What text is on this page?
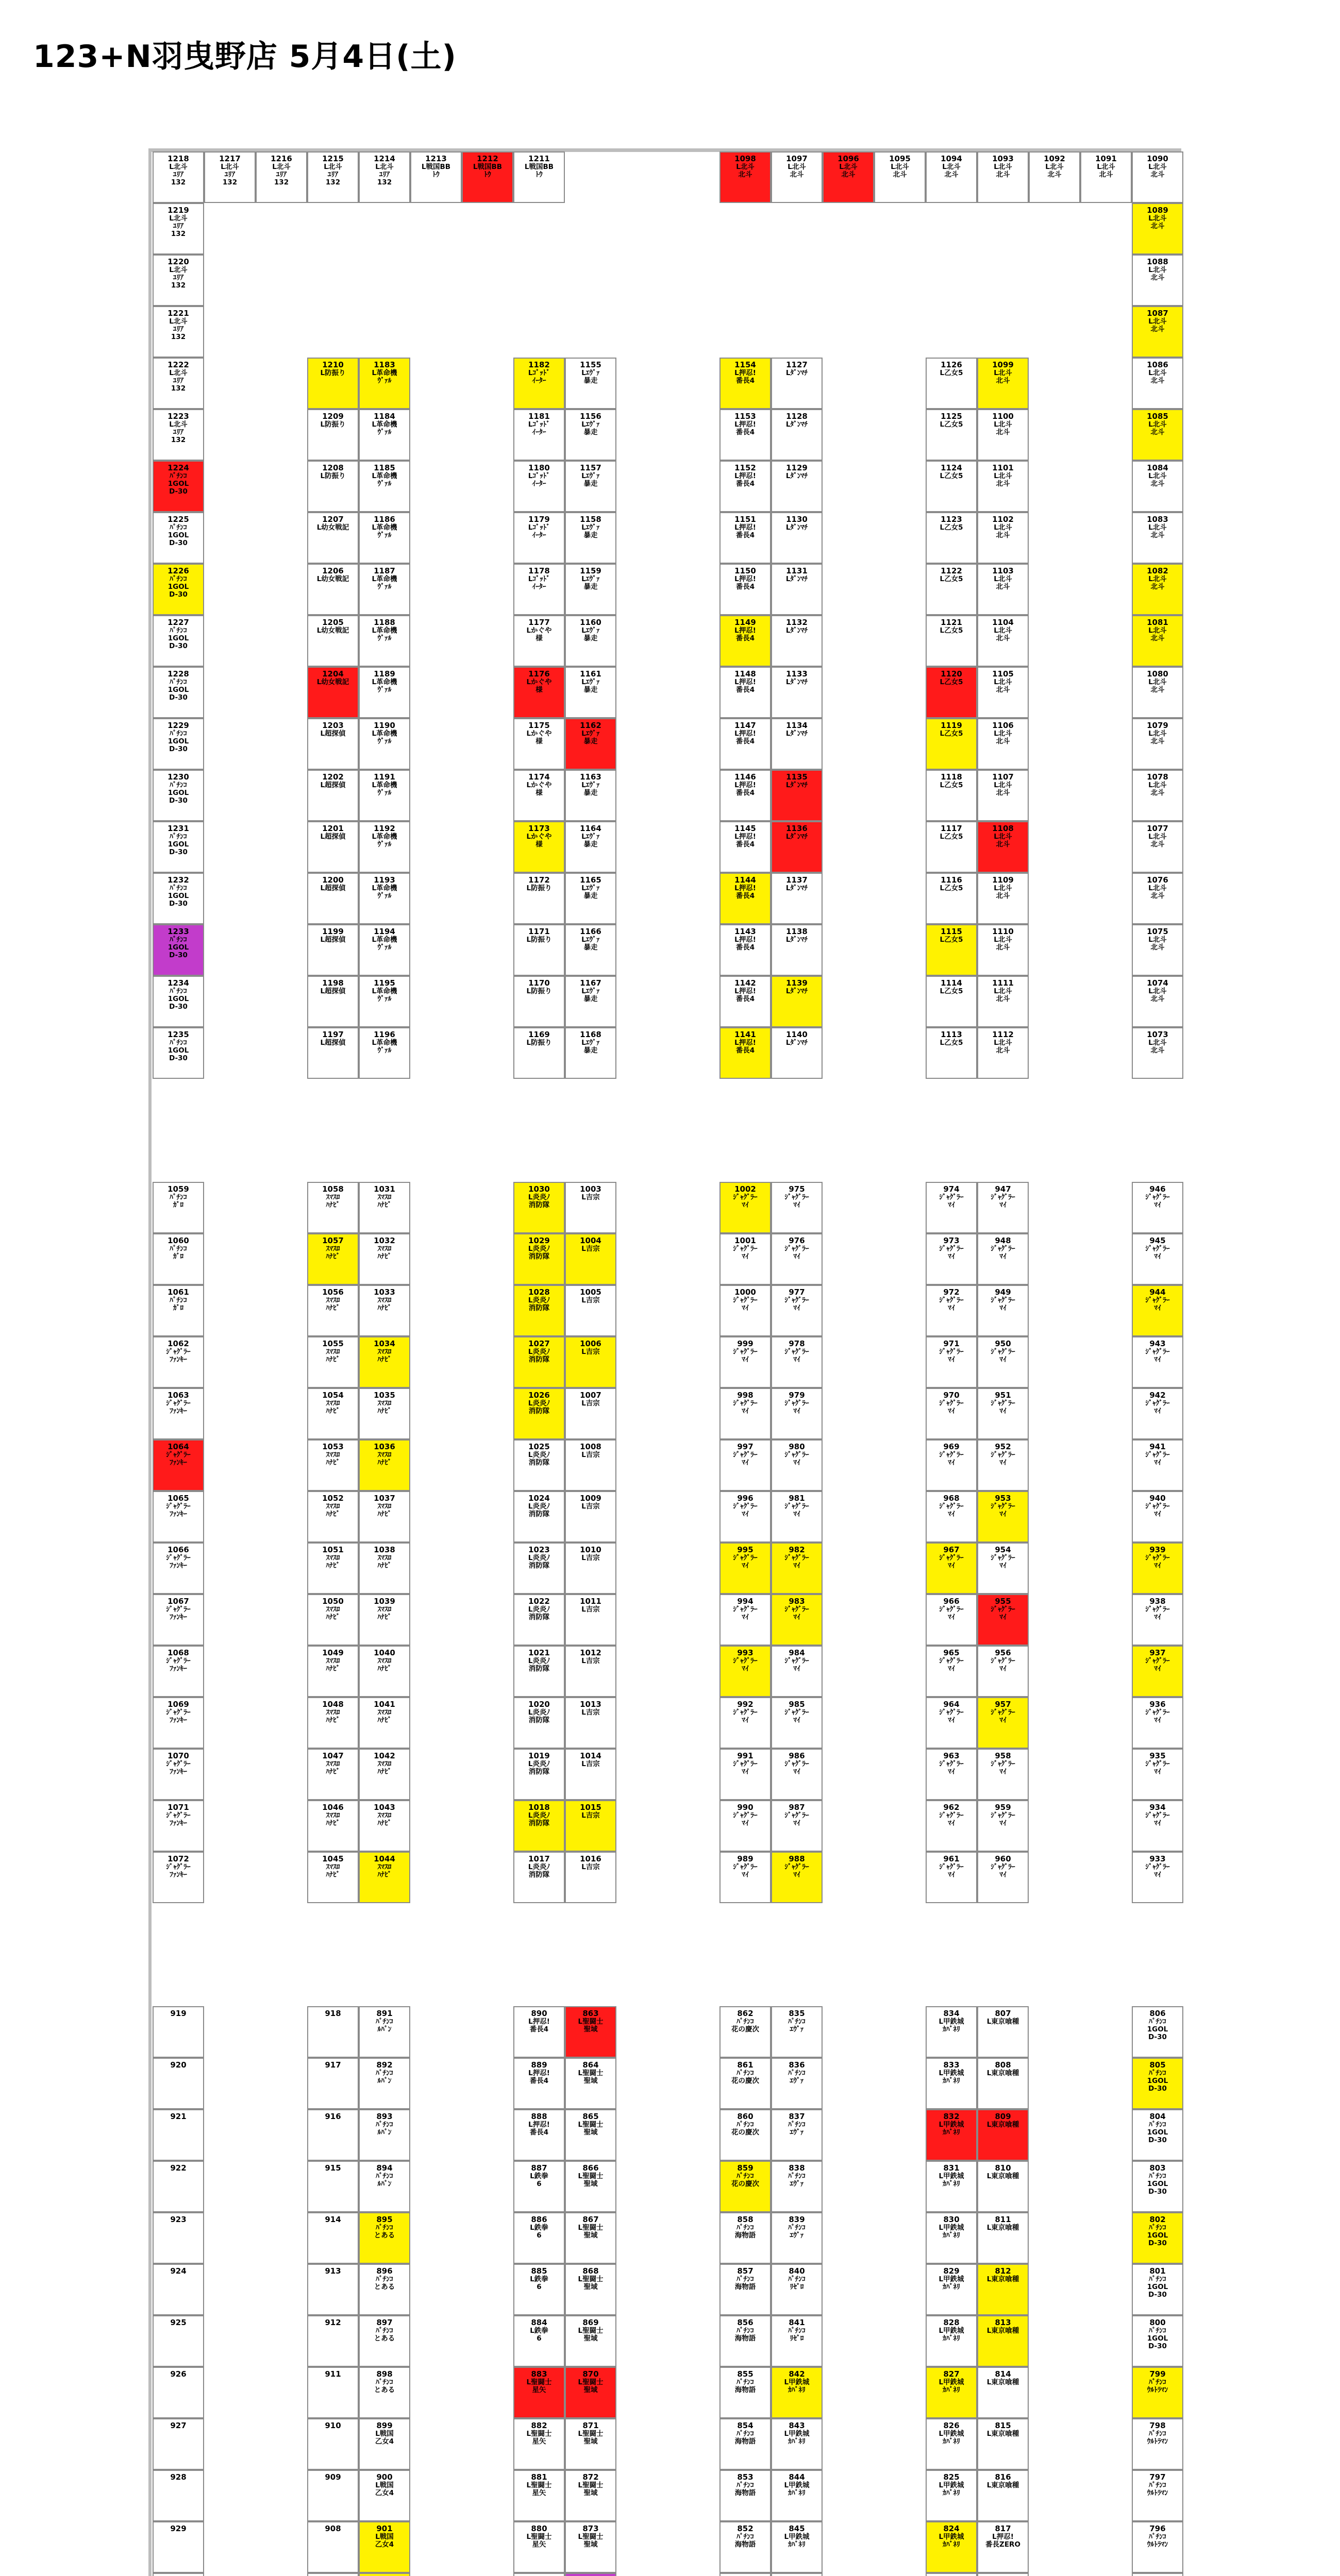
123+N羽曳野店 5月4日(土)
1218
L北斗
ﾕﾘｱ
132
1219
L北斗
ﾕﾘｱ
132
1220
L北斗
ﾕﾘｱ
132
1221
L北斗
ﾕﾘｱ
132
1222
L北斗
ﾕﾘｱ
132
1223
L北斗
ﾕﾘｱ
132
1224
ﾊﾟﾁﾝｺ
1GOL
D-30
1225
ﾊﾟﾁﾝｺ
1GOL
D-30
1226
ﾊﾟﾁﾝｺ
1GOL
D-30
1227
ﾊﾟﾁﾝｺ
1GOL
D-30
1228
ﾊﾟﾁﾝｺ
1GOL
D-30
1229
ﾊﾟﾁﾝｺ
1GOL
D-30
1230
ﾊﾟﾁﾝｺ
1GOL
D-30
1231
ﾊﾟﾁﾝｺ
1GOL
D-30
1232
ﾊﾟﾁﾝｺ
1GOL
D-30
1233
ﾊﾟﾁﾝｺ
1GOL
D-30
1234
ﾊﾟﾁﾝｺ
1GOL
D-30
1235
ﾊﾟﾁﾝｺ
1GOL
D-30
1059
ﾊﾟﾁﾝｺ
ｶﾞﾛ
1060
ﾊﾟﾁﾝｺ
ｶﾞﾛ
1061
ﾊﾟﾁﾝｺ
ｶﾞﾛ
1062
ｼﾞｬｸﾞﾗｰ
ﾌｧﾝｷｰ
1063
ｼﾞｬｸﾞﾗｰ
ﾌｧﾝｷｰ
1064
ｼﾞｬｸﾞﾗｰ
ﾌｧﾝｷｰ
1065
ｼﾞｬｸﾞﾗｰ
ﾌｧﾝｷｰ
1066
ｼﾞｬｸﾞﾗｰ
ﾌｧﾝｷｰ
1067
ｼﾞｬｸﾞﾗｰ
ﾌｧﾝｷｰ
1068
ｼﾞｬｸﾞﾗｰ
ﾌｧﾝｷｰ
1069
ｼﾞｬｸﾞﾗｰ
ﾌｧﾝｷｰ
1070
ｼﾞｬｸﾞﾗｰ
ﾌｧﾝｷｰ
1071
ｼﾞｬｸﾞﾗｰ
ﾌｧﾝｷｰ
1072
ｼﾞｬｸﾞﾗｰ
ﾌｧﾝｷｰ
919
920
921
922
923
924
925
926
927
928
929
1217
L北斗
ﾕﾘｱ
132
1216
L北斗
ﾕﾘｱ
132
1215
L北斗
ﾕﾘｱ
132
1210
L防振り
1209
L防振り
1208
L防振り
1207
L幼女戦記
1206
L幼女戦記
1205
L幼女戦記
1204
L幼女戦記
1203
L超探偵
1202
L超探偵
1201
L超探偵
1200
L超探偵
1199
L超探偵
1198
L超探偵
1197
L超探偵
1058
ｽﾏｽﾛ
ﾊﾅﾋﾞ
1057
ｽﾏｽﾛ
ﾊﾅﾋﾞ
1056
ｽﾏｽﾛ
ﾊﾅﾋﾞ
1055
ｽﾏｽﾛ
ﾊﾅﾋﾞ
1054
ｽﾏｽﾛ
ﾊﾅﾋﾞ
1053
ｽﾏｽﾛ
ﾊﾅﾋﾞ
1052
ｽﾏｽﾛ
ﾊﾅﾋﾞ
1051
ｽﾏｽﾛ
ﾊﾅﾋﾞ
1050
ｽﾏｽﾛ
ﾊﾅﾋﾞ
1049
ｽﾏｽﾛ
ﾊﾅﾋﾞ
1048
ｽﾏｽﾛ
ﾊﾅﾋﾞ
1047
ｽﾏｽﾛ
ﾊﾅﾋﾞ
1046
ｽﾏｽﾛ
ﾊﾅﾋﾞ
1045
ｽﾏｽﾛ
ﾊﾅﾋﾞ
918
917
916
915
914
913
912
911
910
909
908
1214
L北斗
ﾕﾘｱ
132
1183
L革命機
ｳﾞｧﾙ
1184
L革命機
ｳﾞｧﾙ
1185
L革命機
ｳﾞｧﾙ
1186
L革命機
ｳﾞｧﾙ
1187
L革命機
ｳﾞｧﾙ
1188
L革命機
ｳﾞｧﾙ
1189
L革命機
ｳﾞｧﾙ
1190
L革命機
ｳﾞｧﾙ
1191
L革命機
ｳﾞｧﾙ
1192
L革命機
ｳﾞｧﾙ
1193
L革命機
ｳﾞｧﾙ
1194
L革命機
ｳﾞｧﾙ
1195
L革命機
ｳﾞｧﾙ
1196
L革命機
ｳﾞｧﾙ
1031
ｽﾏｽﾛ
ﾊﾅﾋﾞ
1032
ｽﾏｽﾛ
ﾊﾅﾋﾞ
1033
ｽﾏｽﾛ
ﾊﾅﾋﾞ
1034
ｽﾏｽﾛ
ﾊﾅﾋﾞ
1035
ｽﾏｽﾛ
ﾊﾅﾋﾞ
1036
ｽﾏｽﾛ
ﾊﾅﾋﾞ
1037
ｽﾏｽﾛ
ﾊﾅﾋﾞ
1038
ｽﾏｽﾛ
ﾊﾅﾋﾞ
1039
ｽﾏｽﾛ
ﾊﾅﾋﾞ
1040
ｽﾏｽﾛ
ﾊﾅﾋﾞ
1041
ｽﾏｽﾛ
ﾊﾅﾋﾞ
1042
ｽﾏｽﾛ
ﾊﾅﾋﾞ
1043
ｽﾏｽﾛ
ﾊﾅﾋﾞ
1044
ｽﾏｽﾛ
ﾊﾅﾋﾞ
891
ﾊﾟﾁﾝｺ
ﾙﾊﾟﾝ
892
ﾊﾟﾁﾝｺ
ﾙﾊﾟﾝ
893
ﾊﾟﾁﾝｺ
ﾙﾊﾟﾝ
894
ﾊﾟﾁﾝｺ
ﾙﾊﾟﾝ
895
ﾊﾟﾁﾝｺ
とある
896
ﾊﾟﾁﾝｺ
とある
897
ﾊﾟﾁﾝｺ
とある
898
ﾊﾟﾁﾝｺ
とある
899
L戦国
乙女4
900
L戦国
乙女4
901
L戦国
乙女4
1213
L戦国BB
ﾄｳ
1212
L戦国BB
ﾄｳ
1211
L戦国BB
ﾄｳ
1182
Lｺﾞｯﾄﾞ
ｲｰﾀｰ
1181
Lｺﾞｯﾄﾞ
ｲｰﾀｰ
1180
Lｺﾞｯﾄﾞ
ｲｰﾀｰ
1179
Lｺﾞｯﾄﾞ
ｲｰﾀｰ
1178
Lｺﾞｯﾄﾞ
ｲｰﾀｰ
1177
Lかぐや
様
1176
Lかぐや
様
1175
Lかぐや
様
1174
Lかぐや
様
1173
Lかぐや
様
1172
L防振り
1171
L防振り
1170
L防振り
1169
L防振り
1030
L炎炎ﾉ
消防隊
1029
L炎炎ﾉ
消防隊
1028
L炎炎ﾉ
消防隊
1027
L炎炎ﾉ
消防隊
1026
L炎炎ﾉ
消防隊
1025
L炎炎ﾉ
消防隊
1024
L炎炎ﾉ
消防隊
1023
L炎炎ﾉ
消防隊
1022
L炎炎ﾉ
消防隊
1021
L炎炎ﾉ
消防隊
1020
L炎炎ﾉ
消防隊
1019
L炎炎ﾉ
消防隊
1018
L炎炎ﾉ
消防隊
1017
L炎炎ﾉ
消防隊
890
L押忍!
番長4
889
L押忍!
番長4
888
L押忍!
番長4
887
L鉄拳
6
886
L鉄拳
6
885
L鉄拳
6
884
L鉄拳
6
883
L聖闘士
星矢
882
L聖闘士
星矢
881
L聖闘士
星矢
880
L聖闘士
星矢
1155
Lｴｳﾞｧ
暴走
1156
Lｴｳﾞｧ
暴走
1157
Lｴｳﾞｧ
暴走
1158
Lｴｳﾞｧ
暴走
1159
Lｴｳﾞｧ
暴走
1160
Lｴｳﾞｧ
暴走
1161
Lｴｳﾞｧ
暴走
1162
Lｴｳﾞｧ
暴走
1163
Lｴｳﾞｧ
暴走
1164
Lｴｳﾞｧ
暴走
1165
Lｴｳﾞｧ
暴走
1166
Lｴｳﾞｧ
暴走
1167
Lｴｳﾞｧ
暴走
1168
Lｴｳﾞｧ
暴走
1003
L吉宗
1004
L吉宗
1005
L吉宗
1006
L吉宗
1007
L吉宗
1008
L吉宗
1009
L吉宗
1010
L吉宗
1011
L吉宗
1012
L吉宗
1013
L吉宗
1014
L吉宗
1015
L吉宗
1016
L吉宗
863
L聖闘士
聖域
864
L聖闘士
聖域
865
L聖闘士
聖域
866
L聖闘士
聖域
867
L聖闘士
聖域
868
L聖闘士
聖域
869
L聖闘士
聖域
870
L聖闘士
聖域
871
L聖闘士
聖域
872
L聖闘士
聖域
873
L聖闘士
聖域
1098
L北斗
北斗
1154
L押忍!
番長4
1153
L押忍!
番長4
1152
L押忍!
番長4
1151
L押忍!
番長4
1150
L押忍!
番長4
1149
L押忍!
番長4
1148
L押忍!
番長4
1147
L押忍!
番長4
1146
L押忍!
番長4
1145
L押忍!
番長4
1144
L押忍!
番長4
1143
L押忍!
番長4
1142
L押忍!
番長4
1141
L押忍!
番長4
1002
ｼﾞｬｸﾞﾗｰ
ﾏｲ
1001
ｼﾞｬｸﾞﾗｰ
ﾏｲ
1000
ｼﾞｬｸﾞﾗｰ
ﾏｲ
999
ｼﾞｬｸﾞﾗｰ
ﾏｲ
998
ｼﾞｬｸﾞﾗｰ
ﾏｲ
997
ｼﾞｬｸﾞﾗｰ
ﾏｲ
996
ｼﾞｬｸﾞﾗｰ
ﾏｲ
995
ｼﾞｬｸﾞﾗｰ
ﾏｲ
994
ｼﾞｬｸﾞﾗｰ
ﾏｲ
993
ｼﾞｬｸﾞﾗｰ
ﾏｲ
992
ｼﾞｬｸﾞﾗｰ
ﾏｲ
991
ｼﾞｬｸﾞﾗｰ
ﾏｲ
990
ｼﾞｬｸﾞﾗｰ
ﾏｲ
989
ｼﾞｬｸﾞﾗｰ
ﾏｲ
862
ﾊﾟﾁﾝｺ
花の慶次
861
ﾊﾟﾁﾝｺ
花の慶次
860
ﾊﾟﾁﾝｺ
花の慶次
859
ﾊﾟﾁﾝｺ
花の慶次
858
ﾊﾟﾁﾝｺ
海物語
857
ﾊﾟﾁﾝｺ
海物語
856
ﾊﾟﾁﾝｺ
海物語
855
ﾊﾟﾁﾝｺ
海物語
854
ﾊﾟﾁﾝｺ
海物語
853
ﾊﾟﾁﾝｺ
海物語
852
ﾊﾟﾁﾝｺ
海物語
1097
L北斗
北斗
1127
Lﾀﾞﾝﾏﾁ
1128
Lﾀﾞﾝﾏﾁ
1129
Lﾀﾞﾝﾏﾁ
1130
Lﾀﾞﾝﾏﾁ
1131
Lﾀﾞﾝﾏﾁ
1132
Lﾀﾞﾝﾏﾁ
1133
Lﾀﾞﾝﾏﾁ
1134
Lﾀﾞﾝﾏﾁ
1135
Lﾀﾞﾝﾏﾁ
1136
Lﾀﾞﾝﾏﾁ
1137
Lﾀﾞﾝﾏﾁ
1138
Lﾀﾞﾝﾏﾁ
1139
Lﾀﾞﾝﾏﾁ
1140
Lﾀﾞﾝﾏﾁ
975
ｼﾞｬｸﾞﾗｰ
ﾏｲ
976
ｼﾞｬｸﾞﾗｰ
ﾏｲ
977
ｼﾞｬｸﾞﾗｰ
ﾏｲ
978
ｼﾞｬｸﾞﾗｰ
ﾏｲ
979
ｼﾞｬｸﾞﾗｰ
ﾏｲ
980
ｼﾞｬｸﾞﾗｰ
ﾏｲ
981
ｼﾞｬｸﾞﾗｰ
ﾏｲ
982
ｼﾞｬｸﾞﾗｰ
ﾏｲ
983
ｼﾞｬｸﾞﾗｰ
ﾏｲ
984
ｼﾞｬｸﾞﾗｰ
ﾏｲ
985
ｼﾞｬｸﾞﾗｰ
ﾏｲ
986
ｼﾞｬｸﾞﾗｰ
ﾏｲ
987
ｼﾞｬｸﾞﾗｰ
ﾏｲ
988
ｼﾞｬｸﾞﾗｰ
ﾏｲ
835
ﾊﾟﾁﾝｺ
ｴｳﾞｧ
836
ﾊﾟﾁﾝｺ
ｴｳﾞｧ
837
ﾊﾟﾁﾝｺ
ｴｳﾞｧ
838
ﾊﾟﾁﾝｺ
ｴｳﾞｧ
839
ﾊﾟﾁﾝｺ
ｴｳﾞｧ
840
ﾊﾟﾁﾝｺ
ﾘｾﾞﾛ
841
ﾊﾟﾁﾝｺ
ﾘｾﾞﾛ
842
L甲鉄城
ｶﾊﾞﾈﾘ
843
L甲鉄城
ｶﾊﾞﾈﾘ
844
L甲鉄城
ｶﾊﾞﾈﾘ
845
L甲鉄城
ｶﾊﾞﾈﾘ
1096
L北斗
北斗
1095
L北斗
北斗
1094
L北斗
北斗
1126
L乙女5
1125
L乙女5
1124
L乙女5
1123
L乙女5
1122
L乙女5
1121
L乙女5
1120
L乙女5
1119
L乙女5
1118
L乙女5
1117
L乙女5
1116
L乙女5
1115
L乙女5
1114
L乙女5
1113
L乙女5
974
ｼﾞｬｸﾞﾗｰ
ﾏｲ
973
ｼﾞｬｸﾞﾗｰ
ﾏｲ
972
ｼﾞｬｸﾞﾗｰ
ﾏｲ
971
ｼﾞｬｸﾞﾗｰ
ﾏｲ
970
ｼﾞｬｸﾞﾗｰ
ﾏｲ
969
ｼﾞｬｸﾞﾗｰ
ﾏｲ
968
ｼﾞｬｸﾞﾗｰ
ﾏｲ
967
ｼﾞｬｸﾞﾗｰ
ﾏｲ
966
ｼﾞｬｸﾞﾗｰ
ﾏｲ
965
ｼﾞｬｸﾞﾗｰ
ﾏｲ
964
ｼﾞｬｸﾞﾗｰ
ﾏｲ
963
ｼﾞｬｸﾞﾗｰ
ﾏｲ
962
ｼﾞｬｸﾞﾗｰ
ﾏｲ
961
ｼﾞｬｸﾞﾗｰ
ﾏｲ
834
L甲鉄城
ｶﾊﾞﾈﾘ
833
L甲鉄城
ｶﾊﾞﾈﾘ
832
L甲鉄城
ｶﾊﾞﾈﾘ
831
L甲鉄城
ｶﾊﾞﾈﾘ
830
L甲鉄城
ｶﾊﾞﾈﾘ
829
L甲鉄城
ｶﾊﾞﾈﾘ
828
L甲鉄城
ｶﾊﾞﾈﾘ
827
L甲鉄城
ｶﾊﾞﾈﾘ
826
L甲鉄城
ｶﾊﾞﾈﾘ
825
L甲鉄城
ｶﾊﾞﾈﾘ
824
L甲鉄城
ｶﾊﾞﾈﾘ
1093
L北斗
北斗
1099
L北斗
北斗
1100
L北斗
北斗
1101
L北斗
北斗
1102
L北斗
北斗
1103
L北斗
北斗
1104
L北斗
北斗
1105
L北斗
北斗
1106
L北斗
北斗
1107
L北斗
北斗
1108
L北斗
北斗
1109
L北斗
北斗
1110
L北斗
北斗
1111
L北斗
北斗
1112
L北斗
北斗
947
ｼﾞｬｸﾞﾗｰ
ﾏｲ
948
ｼﾞｬｸﾞﾗｰ
ﾏｲ
949
ｼﾞｬｸﾞﾗｰ
ﾏｲ
950
ｼﾞｬｸﾞﾗｰ
ﾏｲ
951
ｼﾞｬｸﾞﾗｰ
ﾏｲ
952
ｼﾞｬｸﾞﾗｰ
ﾏｲ
953
ｼﾞｬｸﾞﾗｰ
ﾏｲ
954
ｼﾞｬｸﾞﾗｰ
ﾏｲ
955
ｼﾞｬｸﾞﾗｰ
ﾏｲ
956
ｼﾞｬｸﾞﾗｰ
ﾏｲ
957
ｼﾞｬｸﾞﾗｰ
ﾏｲ
958
ｼﾞｬｸﾞﾗｰ
ﾏｲ
959
ｼﾞｬｸﾞﾗｰ
ﾏｲ
960
ｼﾞｬｸﾞﾗｰ
ﾏｲ
807
L東京喰種
808
L東京喰種
809
L東京喰種
810
L東京喰種
811
L東京喰種
812
L東京喰種
813
L東京喰種
814
L東京喰種
815
L東京喰種
816
L東京喰種
817
L押忍!
番長ZERO
1092
L北斗
北斗
1091
L北斗
北斗
1090
L北斗
北斗
1089
L北斗
北斗
1088
L北斗
北斗
1087
L北斗
北斗
1086
L北斗
北斗
1085
L北斗
北斗
1084
L北斗
北斗
1083
L北斗
北斗
1082
L北斗
北斗
1081
L北斗
北斗
1080
L北斗
北斗
1079
L北斗
北斗
1078
L北斗
北斗
1077
L北斗
北斗
1076
L北斗
北斗
1075
L北斗
北斗
1074
L北斗
北斗
1073
L北斗
北斗
946
ｼﾞｬｸﾞﾗｰ
ﾏｲ
945
ｼﾞｬｸﾞﾗｰ
ﾏｲ
944
ｼﾞｬｸﾞﾗｰ
ﾏｲ
943
ｼﾞｬｸﾞﾗｰ
ﾏｲ
942
ｼﾞｬｸﾞﾗｰ
ﾏｲ
941
ｼﾞｬｸﾞﾗｰ
ﾏｲ
940
ｼﾞｬｸﾞﾗｰ
ﾏｲ
939
ｼﾞｬｸﾞﾗｰ
ﾏｲ
938
ｼﾞｬｸﾞﾗｰ
ﾏｲ
937
ｼﾞｬｸﾞﾗｰ
ﾏｲ
936
ｼﾞｬｸﾞﾗｰ
ﾏｲ
935
ｼﾞｬｸﾞﾗｰ
ﾏｲ
934
ｼﾞｬｸﾞﾗｰ
ﾏｲ
933
ｼﾞｬｸﾞﾗｰ
ﾏｲ
806
ﾊﾟﾁﾝｺ
1GOL
D-30
805
ﾊﾟﾁﾝｺ
1GOL
D-30
804
ﾊﾟﾁﾝｺ
1GOL
D-30
803
ﾊﾟﾁﾝｺ
1GOL
D-30
802
ﾊﾟﾁﾝｺ
1GOL
D-30
801
ﾊﾟﾁﾝｺ
1GOL
D-30
800
ﾊﾟﾁﾝｺ
1GOL
D-30
799
ﾊﾟﾁﾝｺ
ｳﾙﾄﾗﾏﾝ
798
ﾊﾟﾁﾝｺ
ｳﾙﾄﾗﾏﾝ
797
ﾊﾟﾁﾝｺ
ｳﾙﾄﾗﾏﾝ
796
ﾊﾟﾁﾝｺ
ｳﾙﾄﾗﾏﾝ
